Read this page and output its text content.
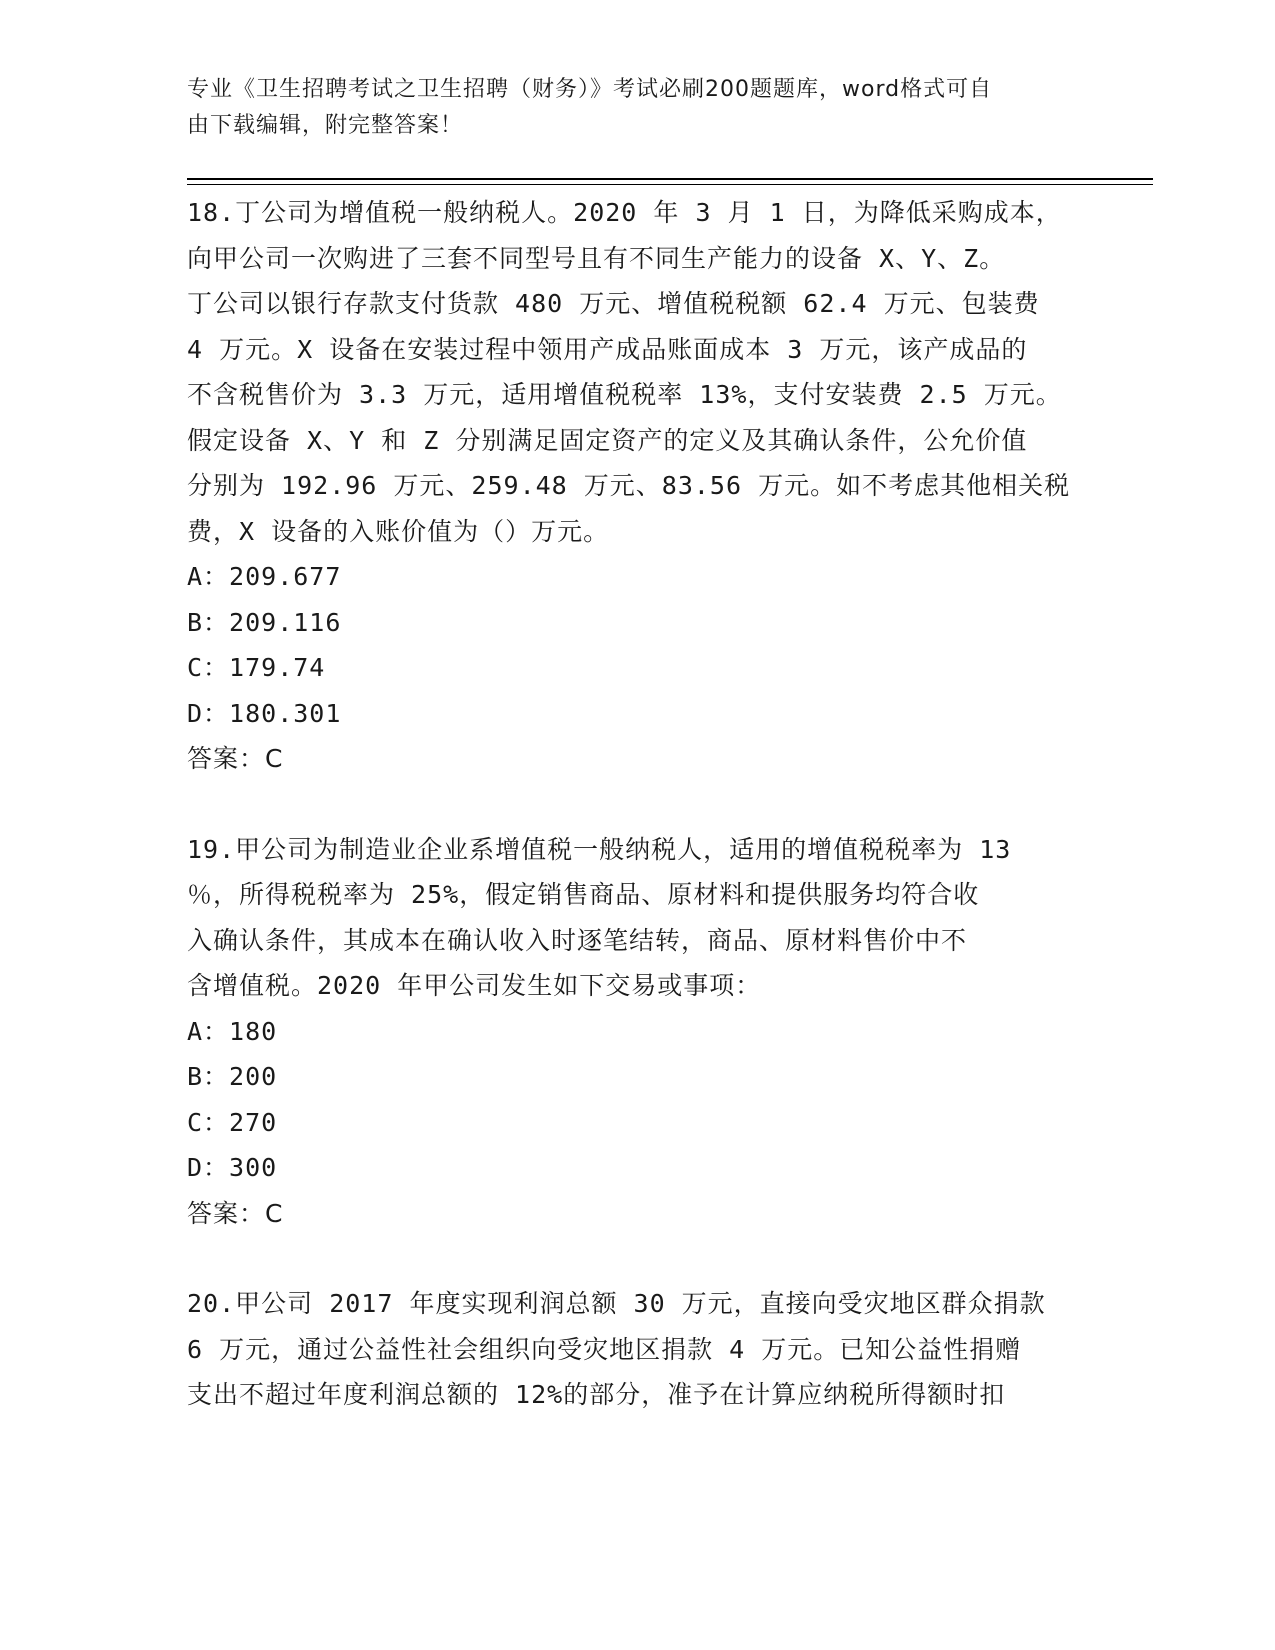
专业《卫生招聘考试之卫生招聘（财务）》考试必刷200题题库，word格式可自
由下载编辑，附完整答案！
18.丁公司为增值税一般纳税人。2020 年 3 月 1 日，为降低采购成本，
向甲公司一次购进了三套不同型号且有不同生产能力的设备 X、Y、Z。
丁公司以银行存款支付货款 480 万元、增值税税额 62.4 万元、包装费
4 万元。X 设备在安装过程中领用产成品账面成本 3 万元，该产成品的
不含税售价为 3.3 万元，适用增值税税率 13%，支付安装费 2.5 万元。
假定设备 X、Y 和 Z 分别满足固定资产的定义及其确认条件，公允价值
分别为 192.96 万元、259.48 万元、83.56 万元。如不考虑其他相关税
费，X 设备的入账价值为（）万元。
A：209.677
B：209.116
C：179.74
D：180.301
答案：C
19.甲公司为制造业企业系增值税一般纳税人，适用的增值税税率为 13
％，所得税税率为 25%，假定销售商品、原材料和提供服务均符合收
入确认条件，其成本在确认收入时逐笔结转，商品、原材料售价中不
含增值税。2020 年甲公司发生如下交易或事项：
A：180
B：200
C：270
D：300
答案：C
20.甲公司 2017 年度实现利润总额 30 万元，直接向受灾地区群众捐款
6 万元，通过公益性社会组织向受灾地区捐款 4 万元。已知公益性捐赠
支出不超过年度利润总额的 12%的部分，准予在计算应纳税所得额时扣
